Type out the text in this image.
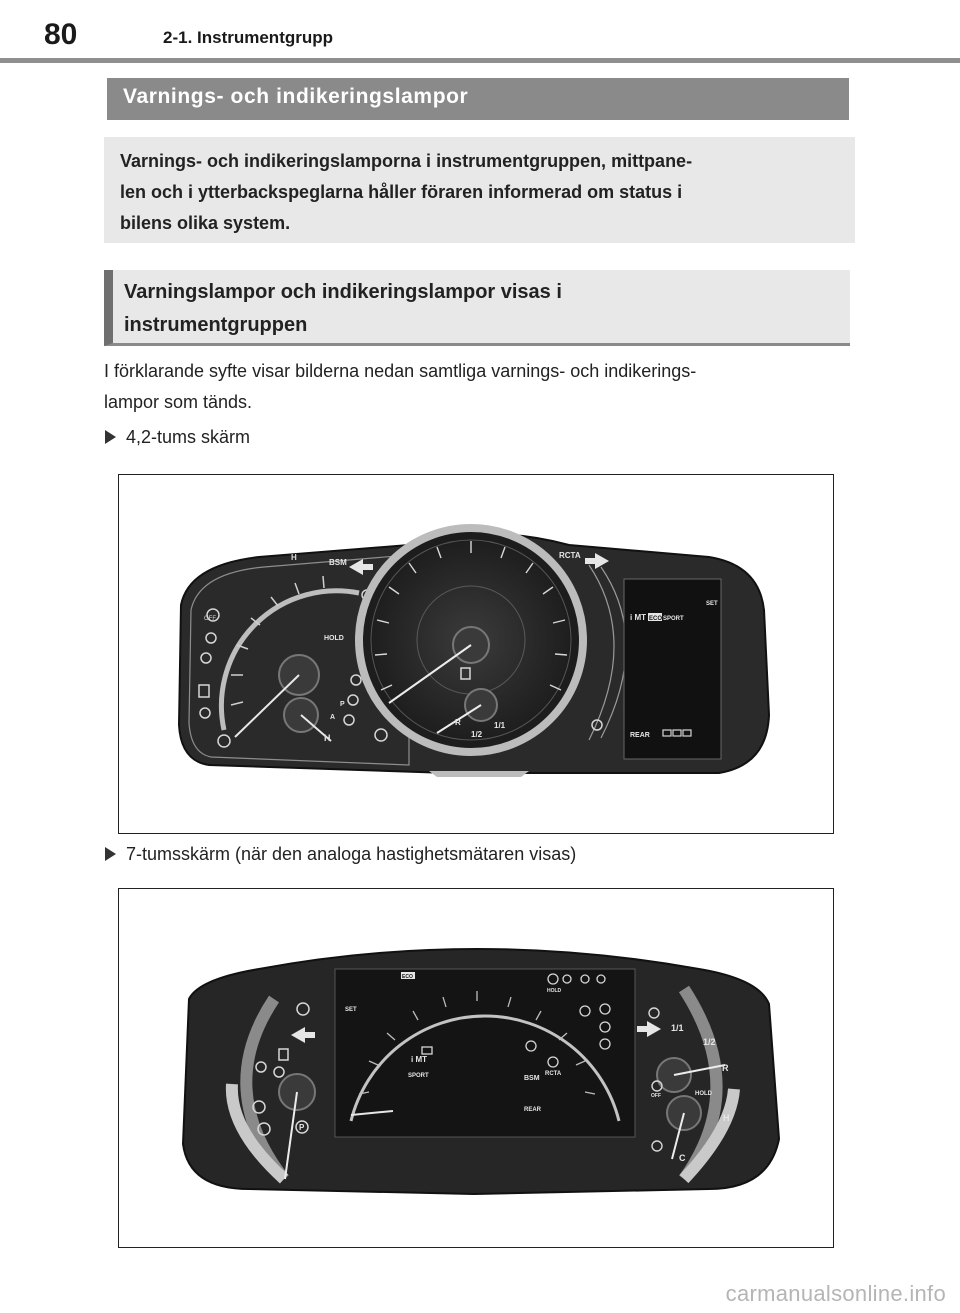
80	2-1. Instrumentgrupp
Varnings- och indikeringslampor

Varnings- och indikeringslamporna i instrumentgruppen, mittpane-

len och i ytterbackspeglarna håller föraren informerad om status i

bilens olika system.

Varningslampor och indikeringslampor visas i

instrumentgruppen

I förklarande syfte visar bilderna nedan samtliga varnings- och indikerings-
lampor som tänds.
4,2-tums skärm
OFF
H
H
BSM
RCTA
HOLD
P
A
R
1/2
1/1
i MT ECO SPORT
SET
REAR
7-tumsskärm (när den analoga hastighetsmätaren visas)
P
ECO
SET
i MT
SPORT	BSM
RCTA
REAR
HOLD
1/1
1/2
R
HOLD
H
C
OFF
carmanualsonline.info
